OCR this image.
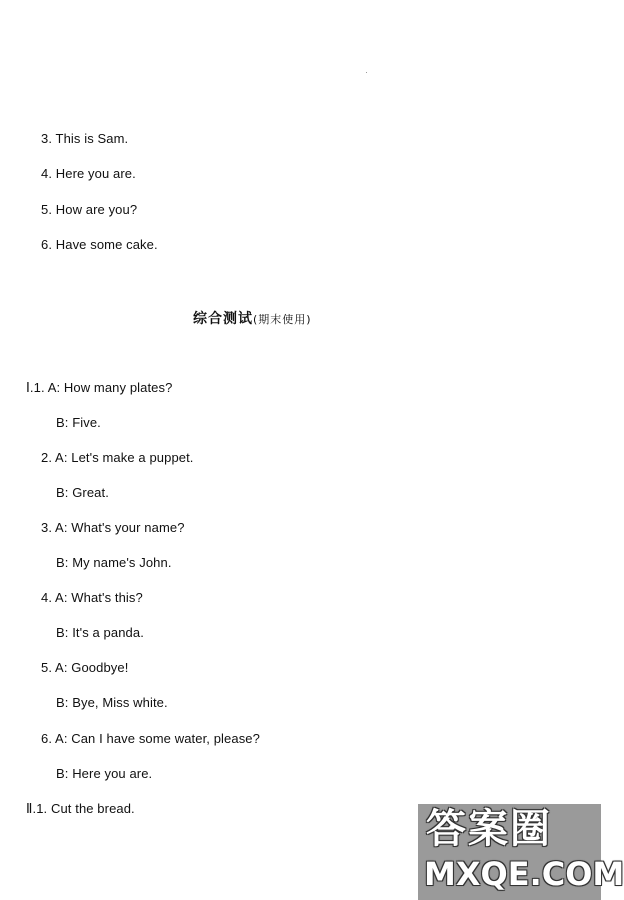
3. This is Sam.
4. Here you are.
5. How are you?
6. Have some cake.
综合测试(期末使用)
Ⅰ.1. A: How many plates?
B: Five.
2. A: Let's make a puppet.
B: Great.
3. A: What's your name?
B: My name's John.
4. A: What's this?
B: It's a panda.
5. A: Goodbye!
B: Bye, Miss white.
6. A: Can I have some water, please?
B: Here you are.
Ⅱ.1. Cut the bread.	答案圈
MXQE.COM
